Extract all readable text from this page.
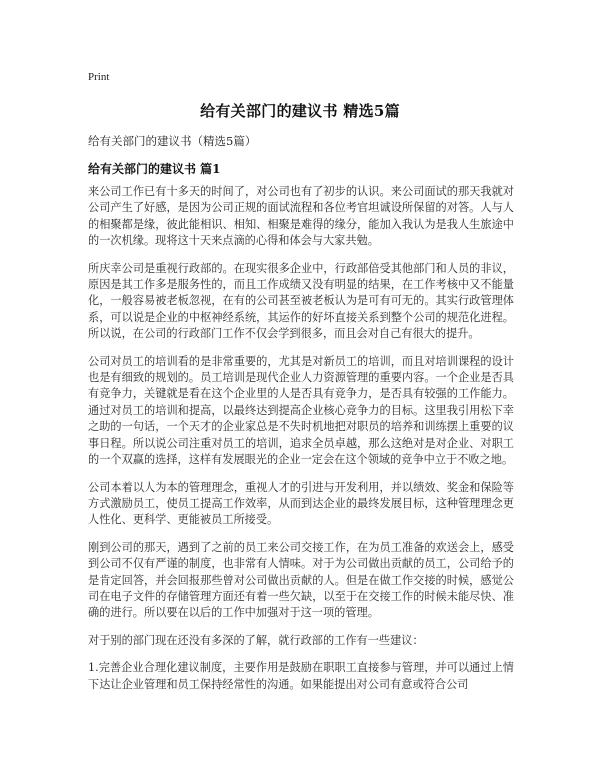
Print
给有关部门的建议书 精选5篇

给有关部门的建议书（精选5篇）

给有关部门的建议书 篇1

来公司工作已有十多天的时间了，对公司也有了初步的认识。来公司面试的那天我就对公司产生了好感，是因为公司正规的面试流程和各位考官坦诚设所保留的对答。人与人的相聚都是缘，彼此能相识、相知、相聚是难得的缘分，能加入我认为是我人生旅途中的一次机缘。现将这十天来点滴的心得和体会与大家共勉。

所庆幸公司是重视行政部的。在现实很多企业中，行政部倍受其他部门和人员的非议，原因是其工作多是服务性的，而且工作成绩又没有明显的结果，在工作考核中又不能量化，一般容易被老板忽视，在有的公司甚至被老板认为是可有可无的。其实行政管理体系，可以说是企业的中枢神经系统，其运作的好坏直接关系到整个公司的规范化进程。所以说，在公司的行政部门工作不仅会学到很多，而且会对自己有很大的提升。

公司对员工的培训看的是非常重要的，尤其是对新员工的培训，而且对培训课程的设计也是有细致的规划的。员工培训是现代企业人力资源管理的重要内容。一个企业是否具有竞争力，关键就是看在这个企业里的人是否具有竞争力，是否具有较强的工作能力。通过对员工的培训和提高，以最终达到提高企业核心竞争力的目标。这里我引用松下幸之助的一句话，一个天才的企业家总是不失时机地把对职员的培养和训练摆上重要的议事日程。所以说公司注重对员工的培训，追求全员卓越，那么这绝对是对企业、对职工的一个双赢的选择，这样有发展眼光的企业一定会在这个领域的竞争中立于不败之地。

公司本着以人为本的管理理念，重视人才的引进与开发利用，并以绩效、奖金和保险等方式激励员工，使员工提高工作效率，从而到达企业的最终发展目标，这种管理理念更人性化、更科学、更能被员工所接受。

刚到公司的那天，遇到了之前的员工来公司交接工作，在为员工准备的欢送会上，感受到公司不仅有严谨的制度，也非常有人情味。对于为公司做出贡献的员工，公司给予的是肯定回答，并会回报那些曾对公司做出贡献的人。但是在做工作交接的时候，感觉公司在电子文件的存储管理方面还有着一些欠缺，以至于在交接工作的时候未能尽快、准确的进行。所以要在以后的工作中加强对于这一项的管理。

对于别的部门现在还没有多深的了解，就行政部的工作有一些建议：

1.完善企业合理化建议制度，主要作用是鼓励在职职工直接参与管理，并可以通过上情下达让企业管理和员工保持经常性的沟通。如果能提出对公司有意或符合公司
